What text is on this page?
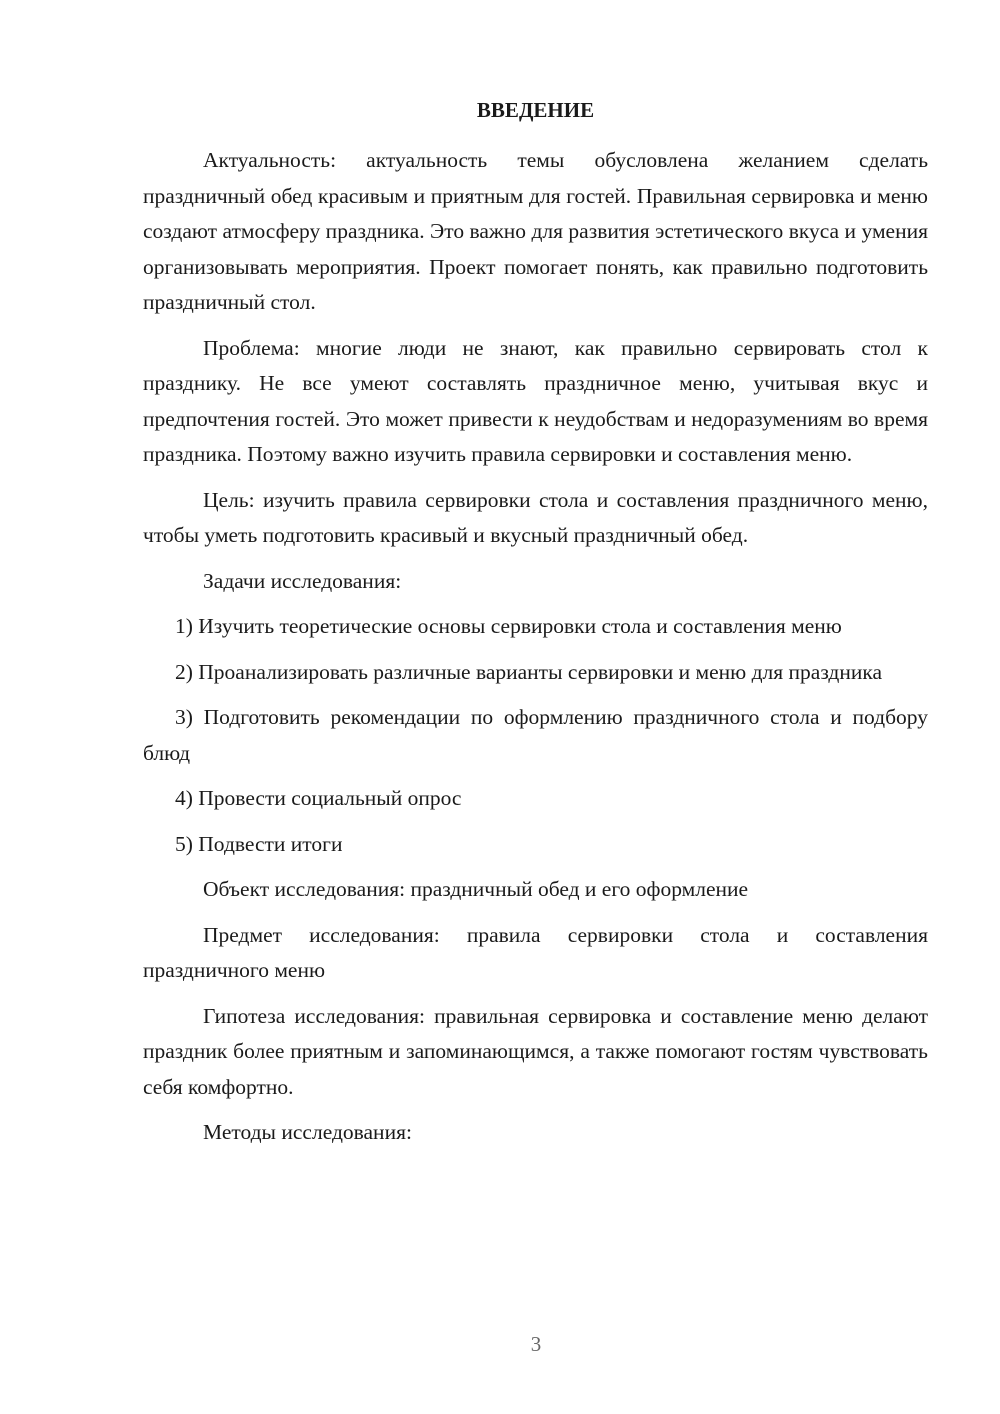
ВВЕДЕНИЕ

Актуальность: актуальность темы обусловлена желанием сделать праздничный обед красивым и приятным для гостей. Правильная сервировка и меню создают атмосферу праздника. Это важно для развития эстетического вкуса и умения организовывать мероприятия. Проект помогает понять, как правильно подготовить праздничный стол.

Проблема: многие люди не знают, как правильно сервировать стол к празднику. Не все умеют составлять праздничное меню, учитывая вкус и предпочтения гостей. Это может привести к неудобствам и недоразумениям во время праздника. Поэтому важно изучить правила сервировки и составления меню.

Цель: изучить правила сервировки стола и составления праздничного меню, чтобы уметь подготовить красивый и вкусный праздничный обед.

Задачи исследования:

1) Изучить теоретические основы сервировки стола и составления меню

2) Проанализировать различные варианты сервировки и меню для праздника

3) Подготовить рекомендации по оформлению праздничного стола и подбору блюд

4) Провести социальный опрос

5) Подвести итоги

Объект исследования: праздничный обед и его оформление

Предмет исследования: правила сервировки стола и составления праздничного меню

Гипотеза исследования: правильная сервировка и составление меню делают праздник более приятным и запоминающимся, а также помогают гостям чувствовать себя комфортно.

Методы исследования:

3
